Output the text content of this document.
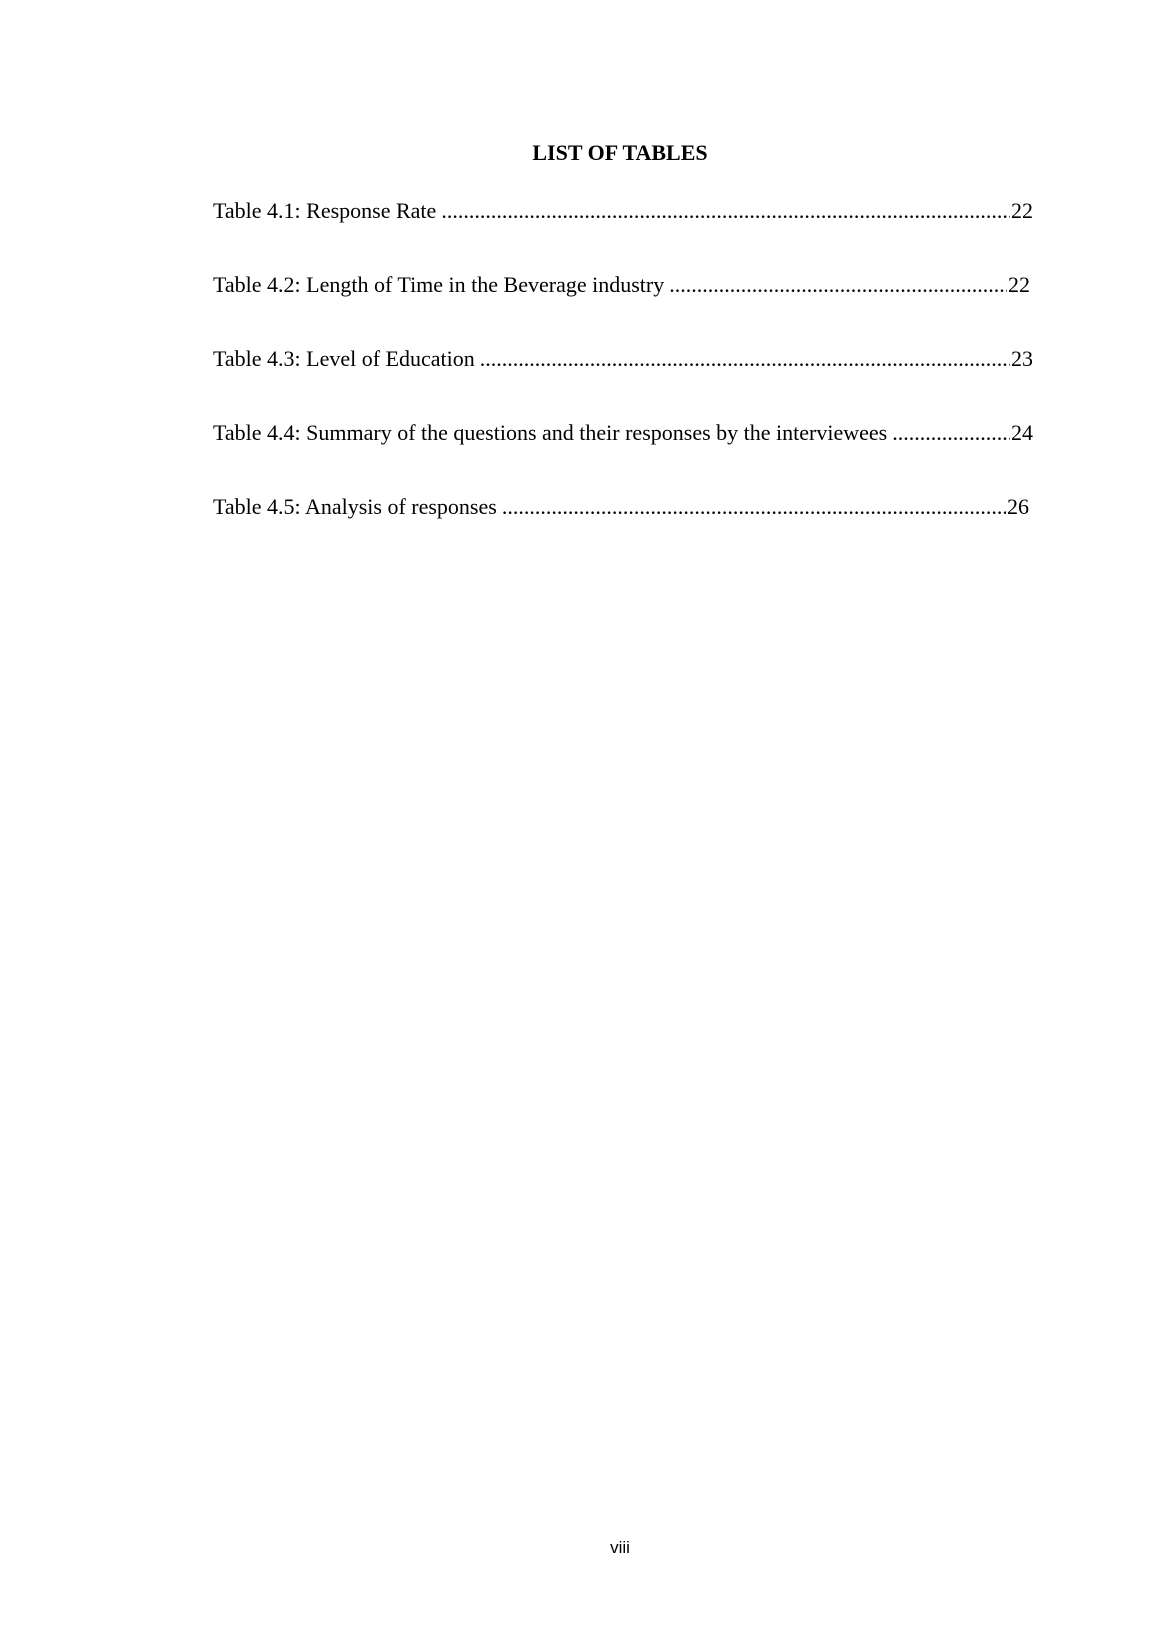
LIST OF TABLES
Table 4.1: Response Rate .....	22
Table 4.2: Length of Time in the Beverage industry .....	22
Table 4.3: Level of Education .....	23
Table 4.4: Summary of the questions and their responses by the interviewees .....	24
Table 4.5: Analysis of responses .....	26
viii
